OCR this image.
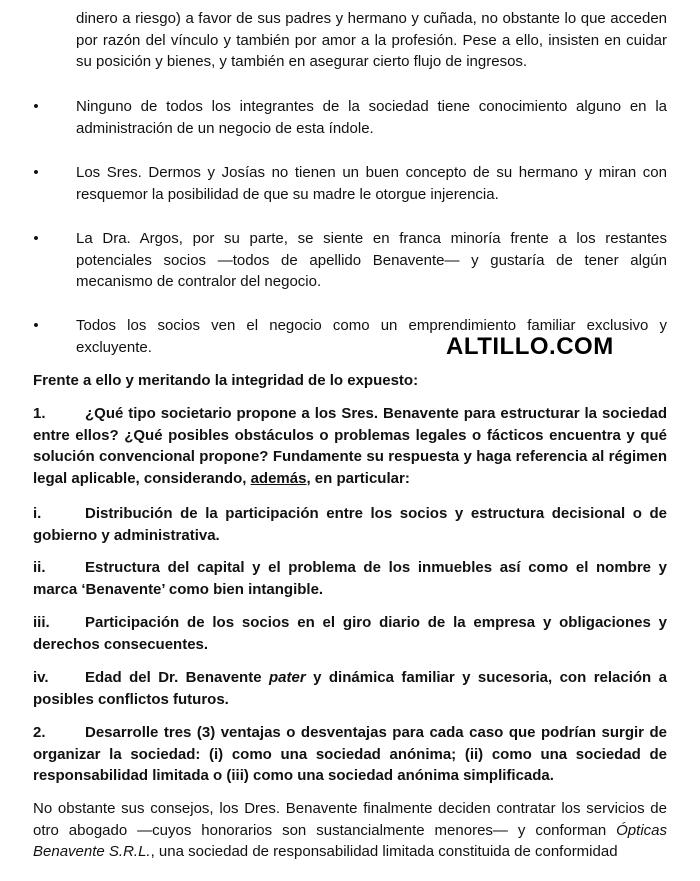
dinero a riesgo) a favor de sus padres y hermano y cuñada, no obstante lo que acceden por razón del vínculo y también por amor a la profesión. Pese a ello, insisten en cuidar su posición y bienes, y también en asegurar cierto flujo de ingresos.

• Ninguno de todos los integrantes de la sociedad tiene conocimiento alguno en la administración de un negocio de esta índole.

• Los Sres. Dermos y Josías no tienen un buen concepto de su hermano y miran con resquemor la posibilidad de que su madre le otorgue injerencia.

• La Dra. Argos, por su parte, se siente en franca minoría frente a los restantes potenciales socios —todos de apellido Benavente— y gustaría de tener algún mecanismo de contralor del negocio.

• Todos los socios ven el negocio como un emprendimiento familiar exclusivo y excluyente.	ALTILLO.COM

Frente a ello y meritando la integridad de lo expuesto:

1.	¿Qué tipo societario propone a los Sres. Benavente para estructurar la sociedad entre ellos? ¿Qué posibles obstáculos o problemas legales o fácticos encuentra y qué solución convencional propone? Fundamente su respuesta y haga referencia al régimen legal aplicable, considerando, además, en particular:

i.	Distribución de la participación entre los socios y estructura decisional o de gobierno y administrativa.

ii.	Estructura del capital y el problema de los inmuebles así como el nombre y marca ‘Benavente’ como bien intangible.

iii. Participación de los socios en el giro diario de la empresa y obligaciones y derechos consecuentes.

iv. Edad del Dr. Benavente pater y dinámica familiar y sucesoria, con relación a posibles conflictos futuros.

2.	Desarrolle tres (3) ventajas o desventajas para cada caso que podrían surgir de organizar la sociedad: (i) como una sociedad anónima; (ii) como una sociedad de responsabilidad limitada o (iii) como una sociedad anónima simplificada.

No obstante sus consejos, los Dres. Benavente finalmente deciden contratar los servicios de otro abogado —cuyos honorarios son sustancialmente menores— y conforman Ópticas Benavente S.R.L., una sociedad de responsabilidad limitada constituida de conformidad
